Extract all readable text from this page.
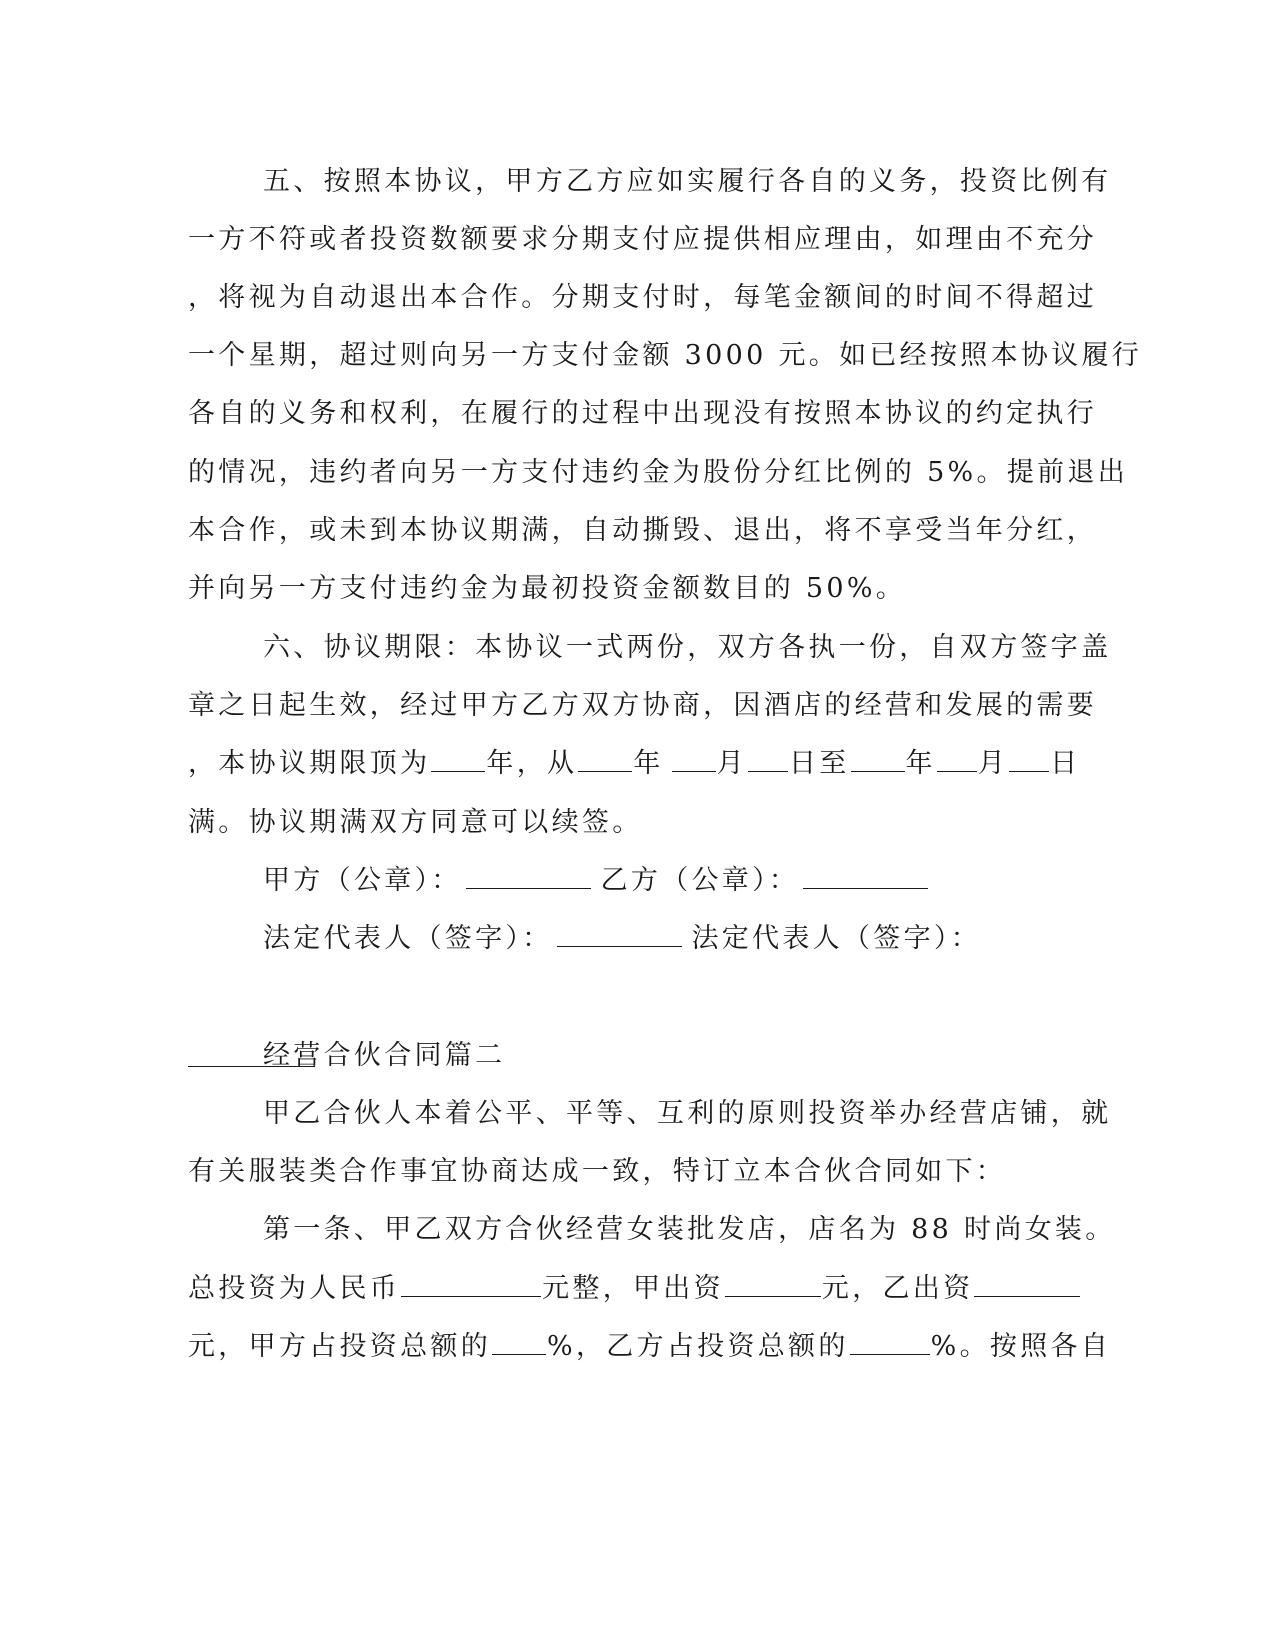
五、按照本协议，甲方乙方应如实履行各自的义务，投资比例有
一方不符或者投资数额要求分期支付应提供相应理由，如理由不充分
，将视为自动退出本合作。分期支付时，每笔金额间的时间不得超过
一个星期，超过则向另一方支付金额 3000 元。如已经按照本协议履行
各自的义务和权利，在履行的过程中出现没有按照本协议的约定执行
的情况，违约者向另一方支付违约金为股份分红比例的 5%。提前退出
本合作，或未到本协议期满，自动撕毁、退出，将不享受当年分红，
并向另一方支付违约金为最初投资金额数目的 50%。
六、协议期限：本协议一式两份，双方各执一份，自双方签字盖
章之日起生效，经过甲方乙方双方协商，因酒店的经营和发展的需要
，本协议期限顶为 年，从 年 月 日至 年 月 日
满。协议期满双方同意可以续签。
甲方（公章）：	乙方（公章）：
法定代表人（签字）：	法定代表人（签字）：
经营合伙合同篇二
甲乙合伙人本着公平、平等、互利的原则投资举办经营店铺，就
有关服装类合作事宜协商达成一致，特订立本合伙合同如下：
第一条、甲乙双方合伙经营女装批发店，店名为 88 时尚女装。
总投资为人民币	元整，甲出资	元，乙出资
元，甲方占投资总额的 %，乙方占投资总额的	%。按照各自
